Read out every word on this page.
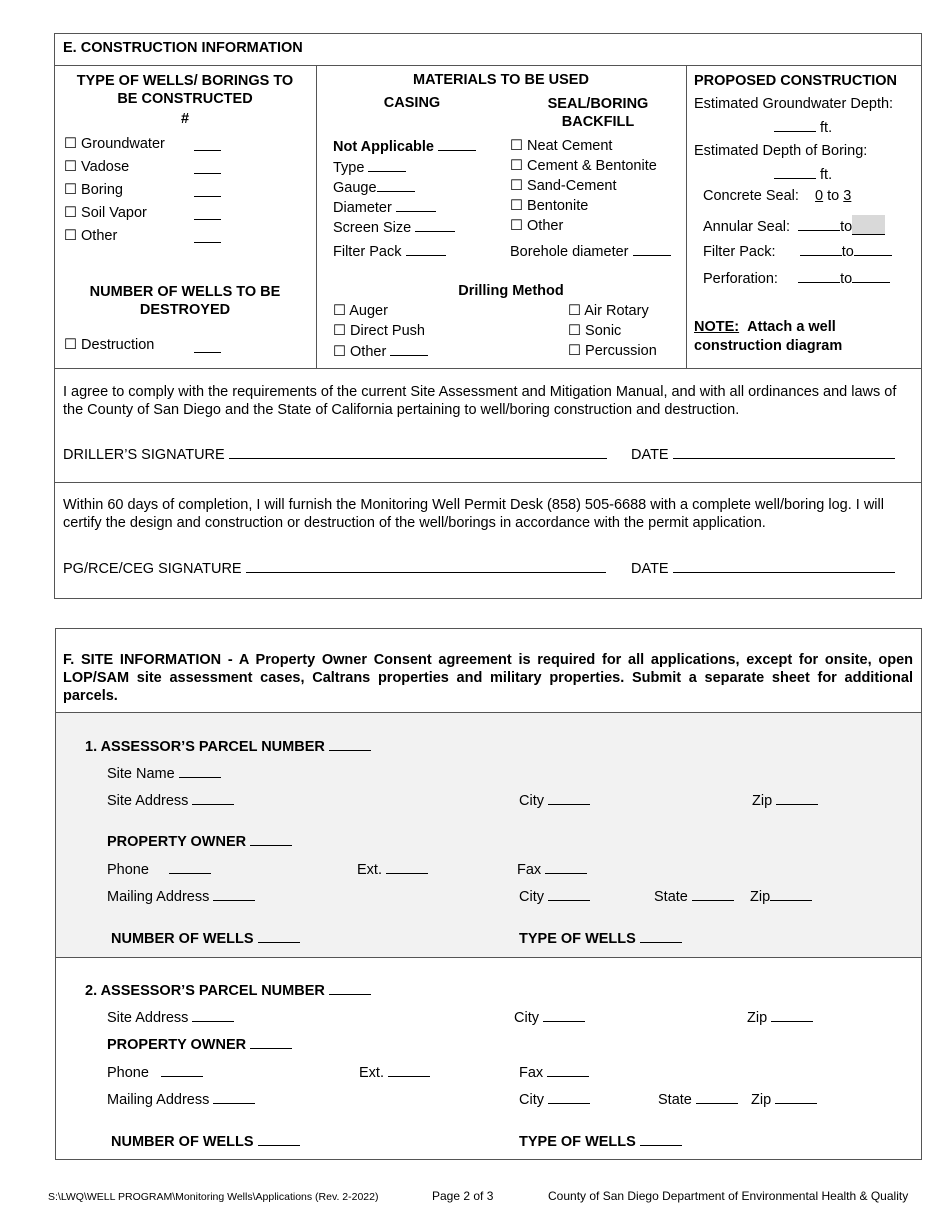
E. CONSTRUCTION INFORMATION
TYPE OF WELLS/ BORINGS TO
BE CONSTRUCTED
#
☐ Groundwater
☐ Vadose
☐ Boring
☐ Soil Vapor
☐ Other
NUMBER OF WELLS TO BE
DESTROYED
☐ Destruction
MATERIALS TO BE USED
CASING	SEAL/BORING
BACKFILL
Not Applicable
Type
Gauge
Diameter
Screen Size
Filter Pack
☐ Neat Cement
☐ Cement & Bentonite
☐ Sand-Cement
☐ Bentonite
☐ Other
Borehole diameter
Drilling Method
☐ Auger
☐ Direct Push
☐ Other
☐ Air Rotary
☐ Sonic
☐ Percussion
PROPOSED CONSTRUCTION
Estimated Groundwater Depth:
ft.
Estimated Depth of Boring:
ft.
Concrete Seal: 0 to 3
Annular Seal:	to
Filter Pack:	to
Perforation:	to
NOTE: Attach a well
construction diagram
I agree to comply with the requirements of the current Site Assessment and Mitigation Manual, and with all ordinances and laws of the County of San Diego and the State of California pertaining to well/boring construction and destruction.
DRILLER’S SIGNATURE	DATE
Within 60 days of completion, I will furnish the Monitoring Well Permit Desk (858) 505-6688 with a complete well/boring log. I will certify the design and construction or destruction of the well/borings in accordance with the permit application.
PG/RCE/CEG SIGNATURE	DATE
F. SITE INFORMATION - A Property Owner Consent agreement is required for all applications, except for onsite, open LOP/SAM site assessment cases, Caltrans properties and military properties. Submit a separate sheet for additional parcels.
1. ASSESSOR’S PARCEL NUMBER
Site Name
Site Address	City	Zip
PROPERTY OWNER
Phone	Ext.	Fax
Mailing Address	City	State	Zip
NUMBER OF WELLS	TYPE OF WELLS
2. ASSESSOR’S PARCEL NUMBER
Site Address	City	Zip
PROPERTY OWNER
Phone	Ext.	Fax
Mailing Address	City	State	Zip
NUMBER OF WELLS	TYPE OF WELLS
S:\LWQ\WELL PROGRAM\Monitoring Wells\Applications (Rev. 2-2022)	Page 2 of 3	County of San Diego Department of Environmental Health & Quality
